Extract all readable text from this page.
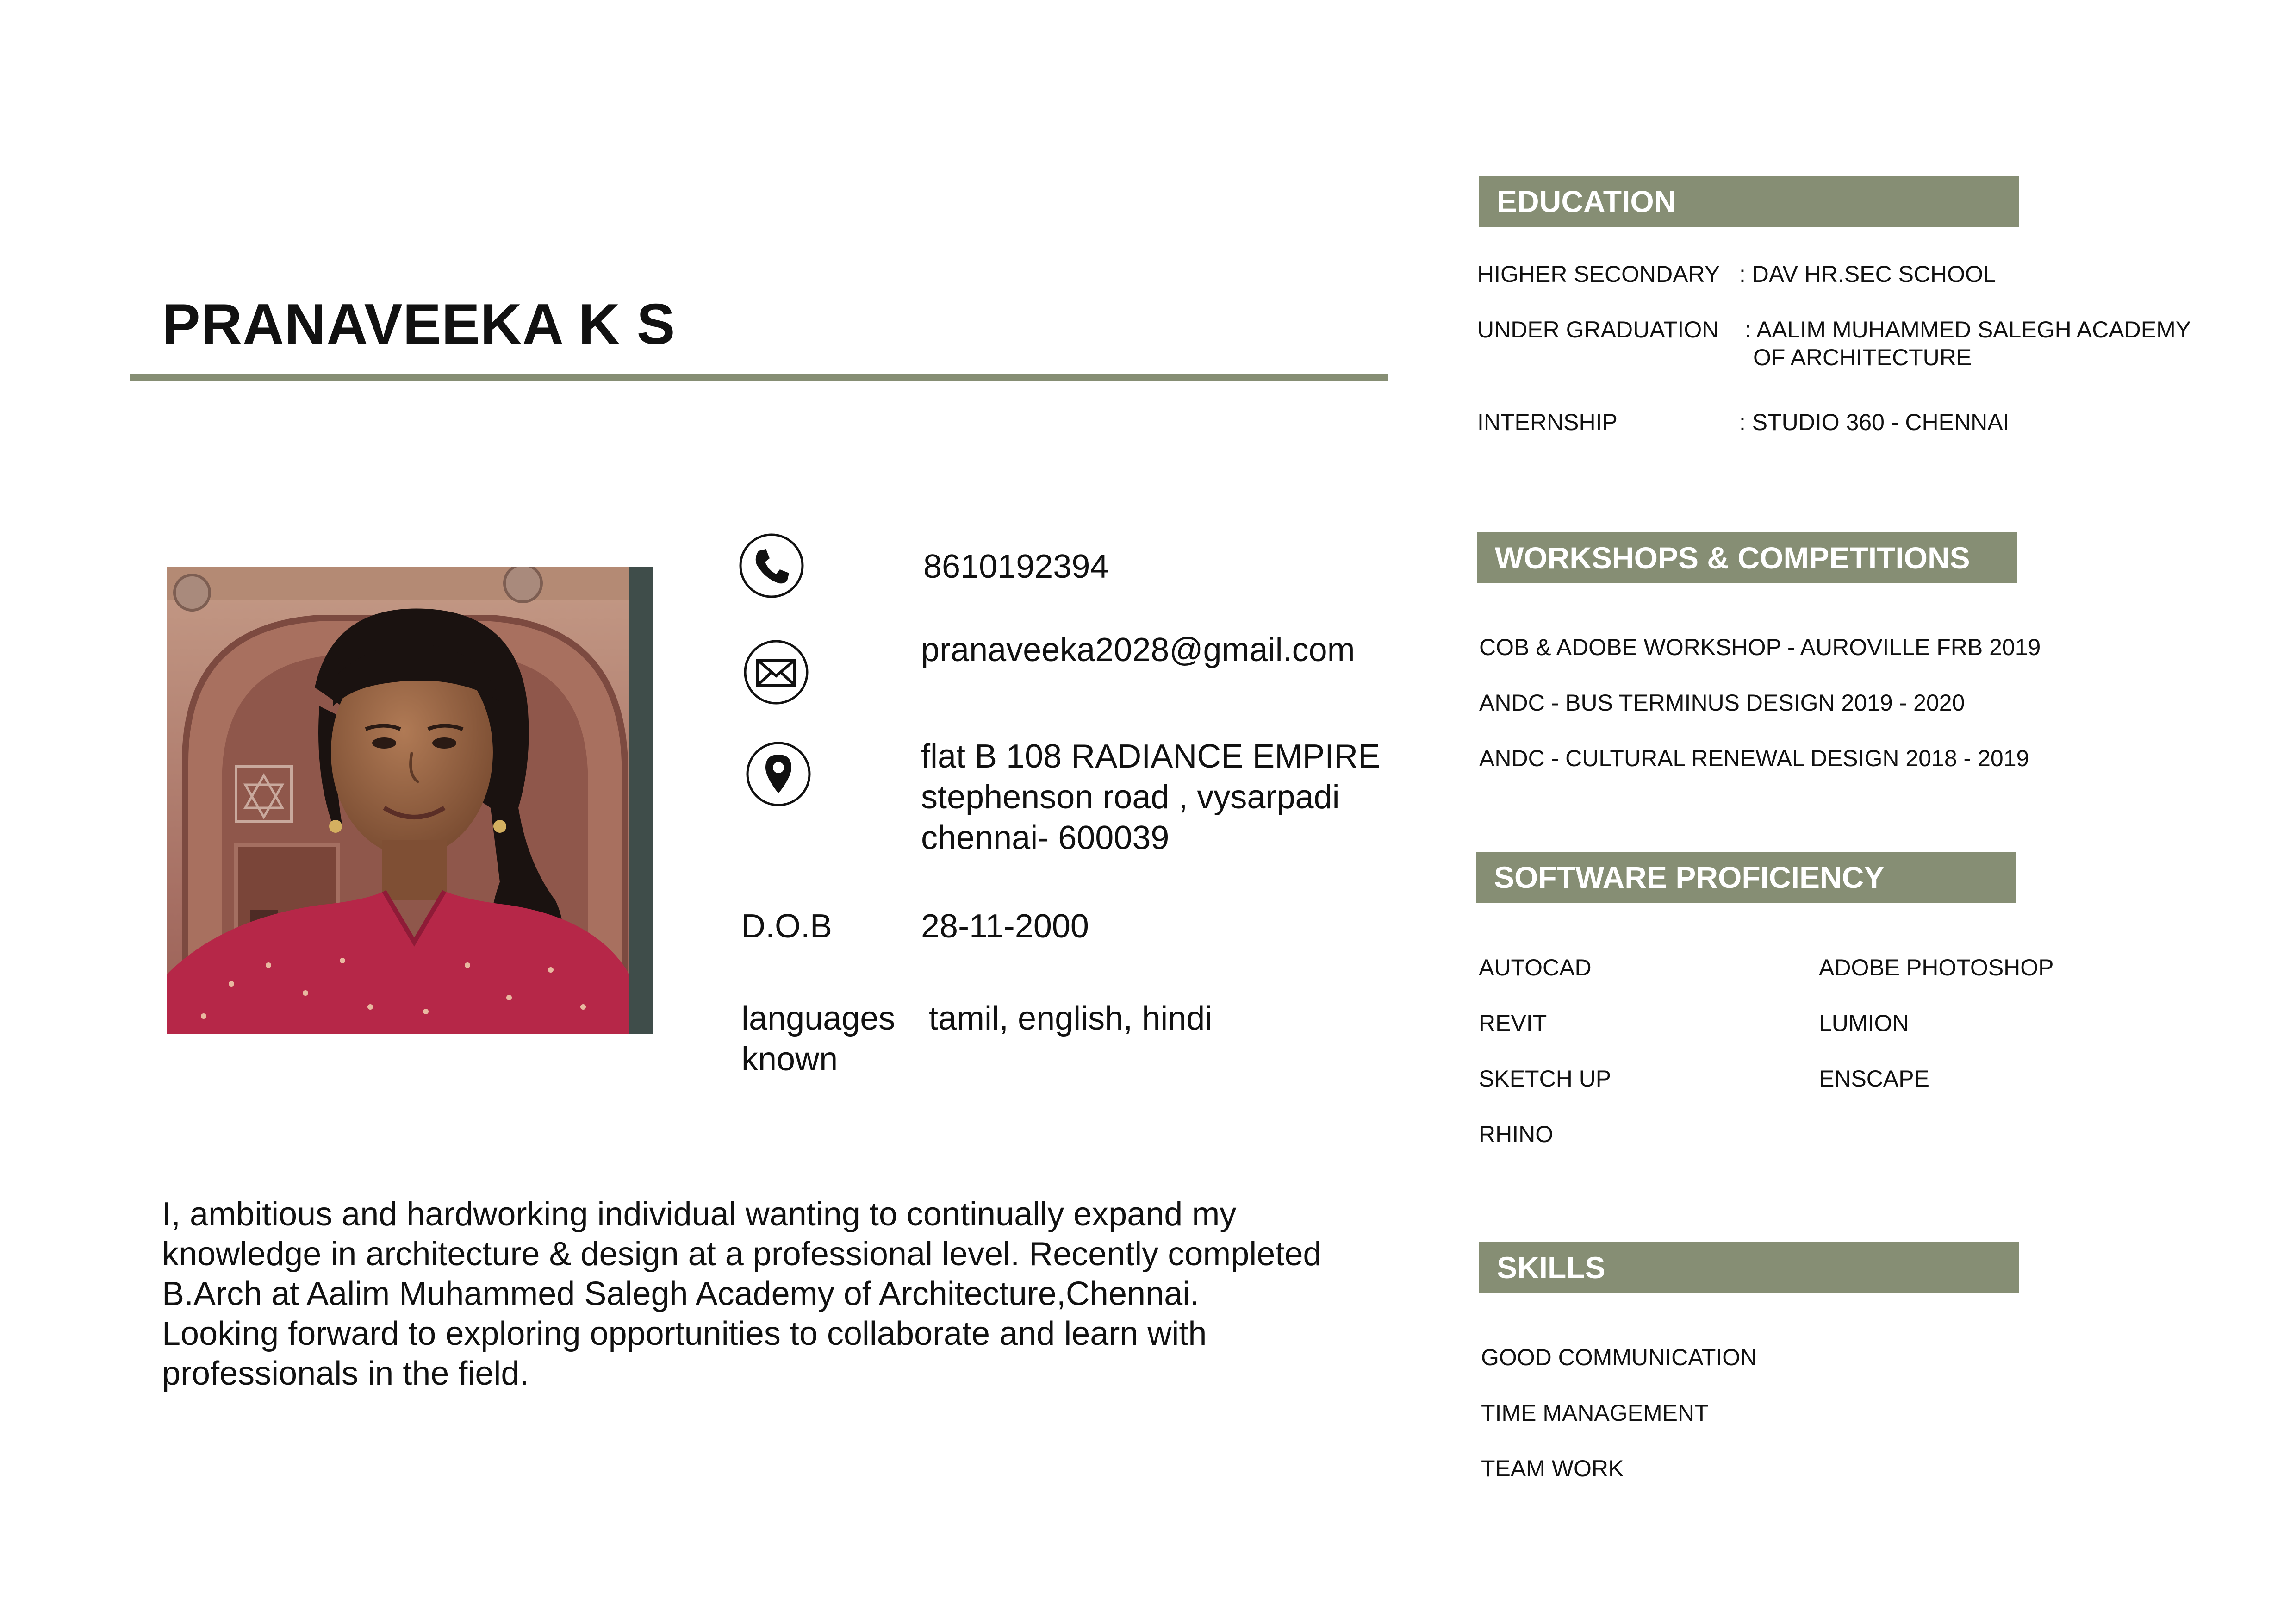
PRANAVEEKA K S
8610192394
pranaveeka2028@gmail.com
flat B 108 RADIANCE EMPIRE
stephenson road , vysarpadi
chennai- 600039
D.O.B	28-11-2000
languages
known
tamil, english, hindi
I, ambitious and hardworking individual wanting to continually expand my
knowledge in architecture & design at a professional level. Recently completed
B.Arch at Aalim Muhammed Salegh Academy of Architecture,Chennai.
Looking forward to exploring opportunities to collaborate and learn with
professionals in the field.
EDUCATION
HIGHER SECONDARY : DAV HR.SEC SCHOOL
UNDER GRADUATION : AALIM MUHAMMED SALEGH ACADEMY
OF ARCHITECTURE
INTERNSHIP	: STUDIO 360 - CHENNAI
WORKSHOPS & COMPETITIONS
COB & ADOBE WORKSHOP - AUROVILLE FRB 2019
ANDC - BUS TERMINUS DESIGN 2019 - 2020
ANDC - CULTURAL RENEWAL DESIGN 2018 - 2019
SOFTWARE PROFICIENCY
AUTOCAD
REVIT
SKETCH UP
RHINO
ADOBE PHOTOSHOP
LUMION
ENSCAPE
SKILLS
GOOD COMMUNICATION
TIME MANAGEMENT
TEAM WORK
